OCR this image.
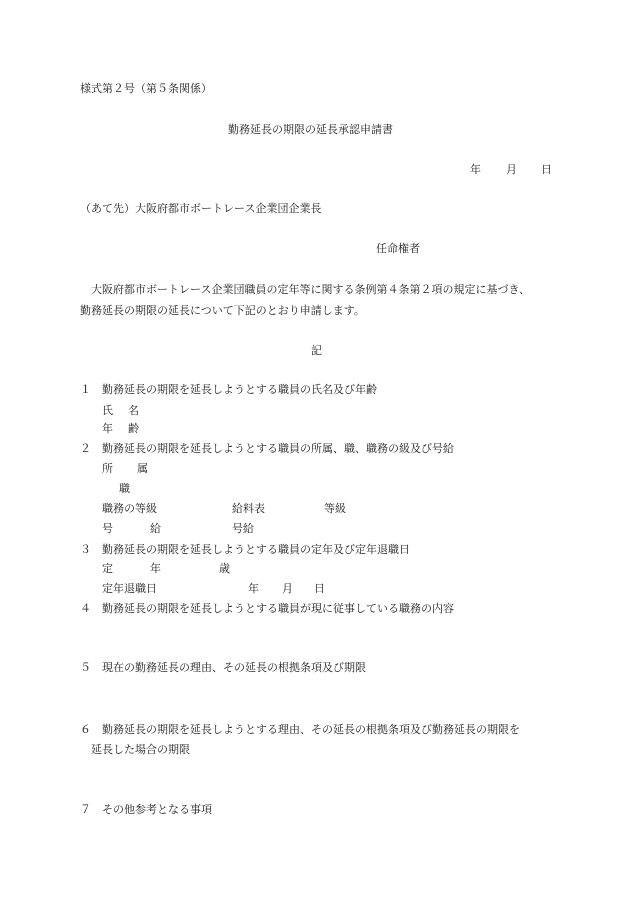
様式第２号（第５条関係）
勤務延長の期限の延長承認申請書
年 月 日
（あて先）大阪府都市ボートレース企業団企業長
任命権者
大阪府都市ボートレース企業団職員の定年等に関する条例第４条第２項の規定に基づき、
勤務延長の期限の延長について下記のとおり申請します。
記
１ 勤務延長の期限を延長しようとする職員の氏名及び年齢
氏 名
年 齢
２ 勤務延長の期限を延長しようとする職員の所属、職、職務の級及び号給
所 属
職
職務の等級	給料表	等級
号	給	号給
３ 勤務延長の期限を延長しようとする職員の定年及び定年退職日
定	年	歳
定年退職日	年 月 日
４ 勤務延長の期限を延長しようとする職員が現に従事している職務の内容
５ 現在の勤務延長の理由、その延長の根拠条項及び期限
６ 勤務延長の期限を延長しようとする理由、その延長の根拠条項及び勤務延長の期限を
延長した場合の期限
７ その他参考となる事項
